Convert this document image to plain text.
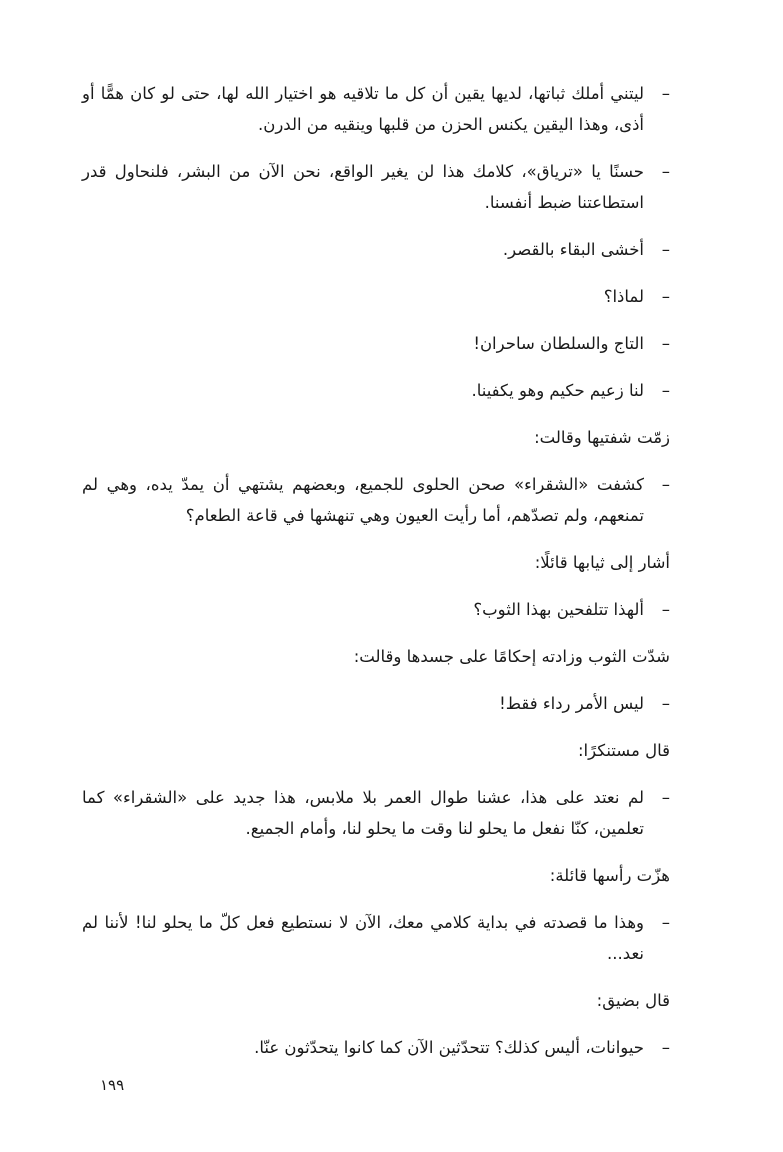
–
ليتني أملك ثباتها، لديها يقين أن كل ما تلاقيه هو اختيار الله لها، حتى لو كان همًّا أو أذى، وهذا اليقين يكنس الحزن من قلبها وينقيه من الدرن.

–
حسنًا يا «ترياق»، كلامك هذا لن يغير الواقع، نحن الآن من البشر، فلنحاول قدر استطاعتنا ضبط أنفسنا.

–
أخشى البقاء بالقصر.

–
لماذا؟

–
التاج والسلطان ساحران!

–
لنا زعيم حكيم وهو يكفينا.

زمّت شفتيها وقالت:

–
كشفت «الشقراء» صحن الحلوى للجميع، وبعضهم يشتهي أن يمدّ يده، وهي لم تمنعهم، ولم تصدّهم، أما رأيت العيون وهي تنهشها في قاعة الطعام؟

أشار إلى ثيابها قائلًا:

–
ألهذا تتلفحين بهذا الثوب؟

شدّت الثوب وزادته إحكامًا على جسدها وقالت:

–
ليس الأمر رداء فقط!

قال مستنكرًا:

–
لم نعتد على هذا، عشنا طوال العمر بلا ملابس، هذا جديد على «الشقراء» كما تعلمين، كنّا نفعل ما يحلو لنا وقت ما يحلو لنا، وأمام الجميع.

هزّت رأسها قائلة:

–
وهذا ما قصدته في بداية كلامي معك، الآن لا نستطيع فعل كلّ ما يحلو لنا! لأننا لم نعد...

قال بضيق:

–
حيوانات، أليس كذلك؟ تتحدّثين الآن كما كانوا يتحدّثون عنّا.

١٩٩
